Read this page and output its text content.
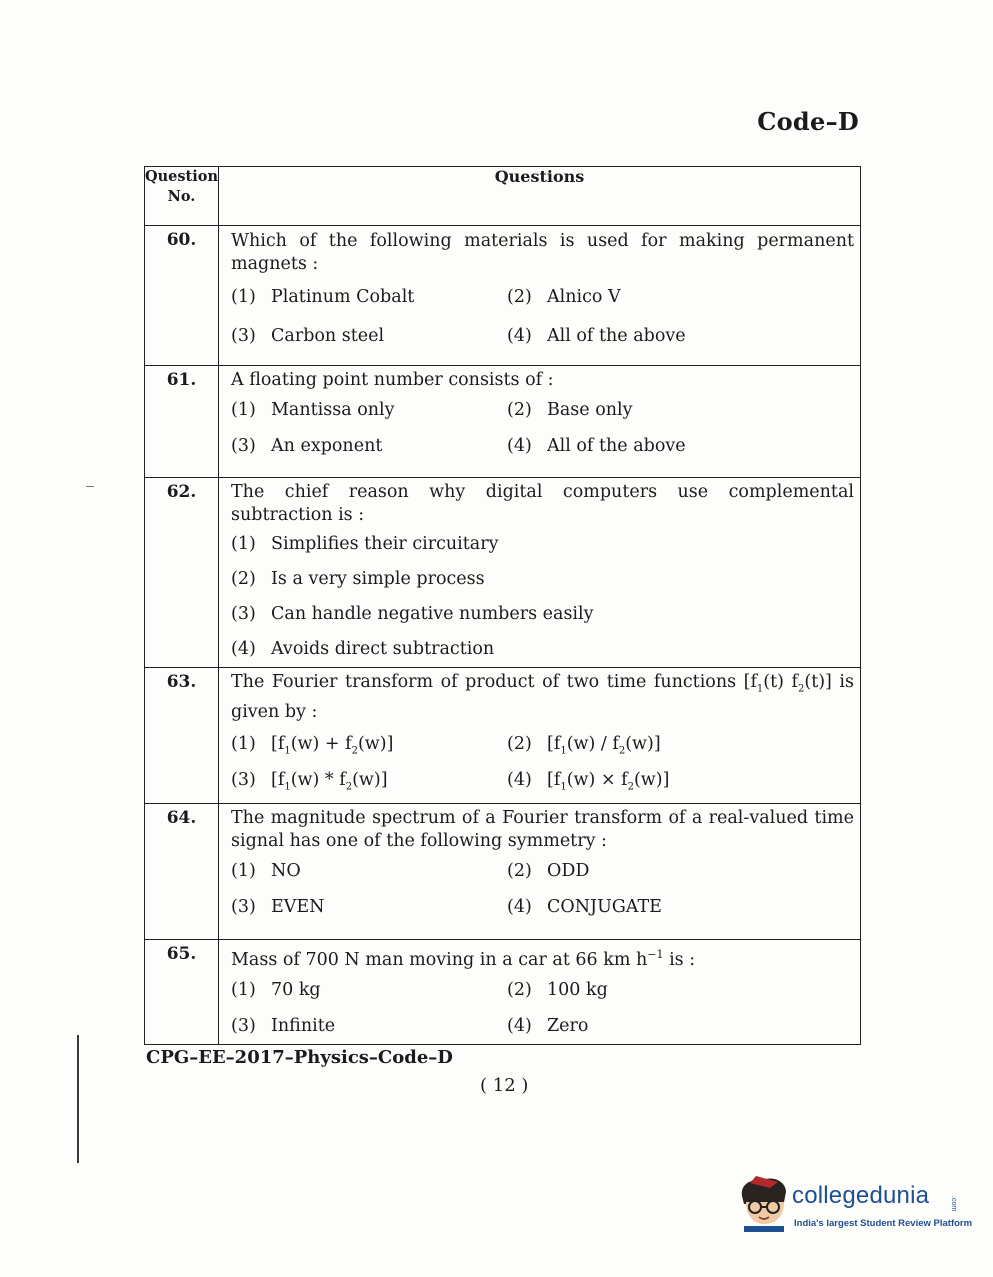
Code–D
Question No.	Questions
60.	Which of the following materials is used for making permanent magnets :
(1) Platinum Cobalt (2) Alnico V
(3) Carbon steel (4) All of the above

61.	A floating point number consists of :
(1) Mantissa only (2) Base only
(3) An exponent (4) All of the above

62.	The chief reason why digital computers use complemental subtraction is :
(1) Simplifies their circuitary
(2) Is a very simple process
(3) Can handle negative numbers easily
(4) Avoids direct subtraction

63.	The Fourier transform of product of two time functions [$f_1(t)$ $f_2(t)$] is given by :
(1) $[f_1(w) + f_2(w)]$ (2) $[f_1(w) / f_2(w)]$
(3) $[f_1(w) * f_2(w)]$ (4) $[f_1(w) \times f_2(w)]$

64.	The magnitude spectrum of a Fourier transform of a real-valued time signal has one of the following symmetry :
(1) NO (2) ODD
(3) EVEN (4) CONJUGATE

65.	Mass of 700 N man moving in a car at 66 km $h^{-1}$ is :
(1) 70 kg (2) 100 kg
(3) Infinite (4) Zero
CPG–EE–2017–Physics–Code–D
( 12 )
collegedunia	.com
India's largest Student Review Platform
